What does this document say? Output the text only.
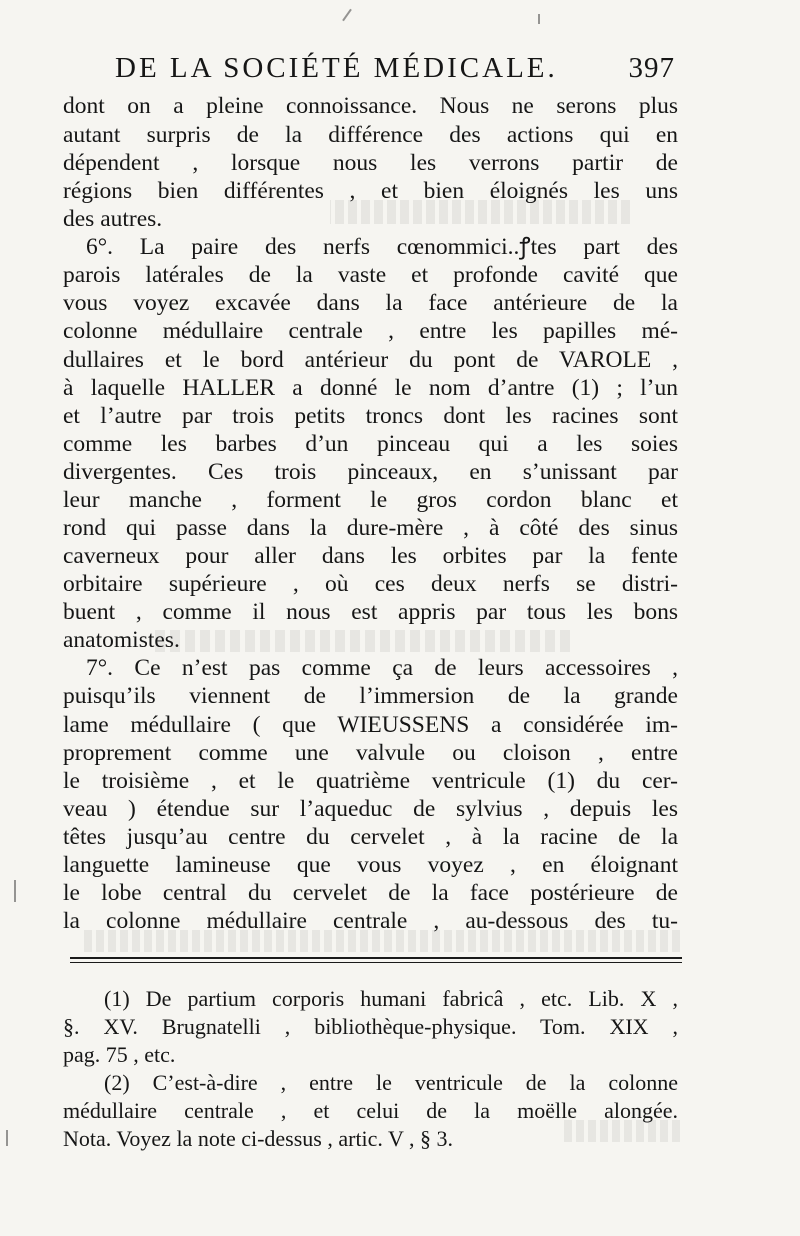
DE LA SOCIÉTÉ MÉDICALE. 397
dont on a pleine connoissance. Nous ne serons plus
autant surpris de la différence des actions qui en
dépendent , lorsque nous les verrons partir de
régions bien différentes , et bien éloignés les uns
des autres.
6°. La paire des nerfs cœnommici..ꝭtes part des
parois latérales de la vaste et profonde cavité que
vous voyez excavée dans la face antérieure de la
colonne médullaire centrale , entre les papilles mé-
dullaires et le bord antérieur du pont de VAROLE ,
à laquelle HALLER a donné le nom d’antre (1) ; l’un
et l’autre par trois petits troncs dont les racines sont
comme les barbes d’un pinceau qui a les soies
divergentes. Ces trois pinceaux, en s’unissant par
leur manche , forment le gros cordon blanc et
rond qui passe dans la dure-mère , à côté des sinus
caverneux pour aller dans les orbites par la fente
orbitaire supérieure , où ces deux nerfs se distri-
buent , comme il nous est appris par tous les bons
anatomistes.
7°. Ce n’est pas comme ça de leurs accessoires ,
puisqu’ils viennent de l’immersion de la grande
lame médullaire ( que WIEUSSENS a considérée im-
proprement comme une valvule ou cloison , entre
le troisième , et le quatrième ventricule (1) du cer-
veau ) étendue sur l’aqueduc de sylvius , depuis les
têtes jusqu’au centre du cervelet , à la racine de la
languette lamineuse que vous voyez , en éloignant
le lobe central du cervelet de la face postérieure de
la colonne médullaire centrale , au-dessous des tu-
(1) De partium corporis humani fabricâ , etc. Lib. X ,
§. XV. Brugnatelli , bibliothèque-physique. Tom. XIX ,
pag. 75 , etc.
(2) C’est-à-dire , entre le ventricule de la colonne
médullaire centrale , et celui de la moëlle alongée.
Nota. Voyez la note ci-dessus , artic. V , § 3.
